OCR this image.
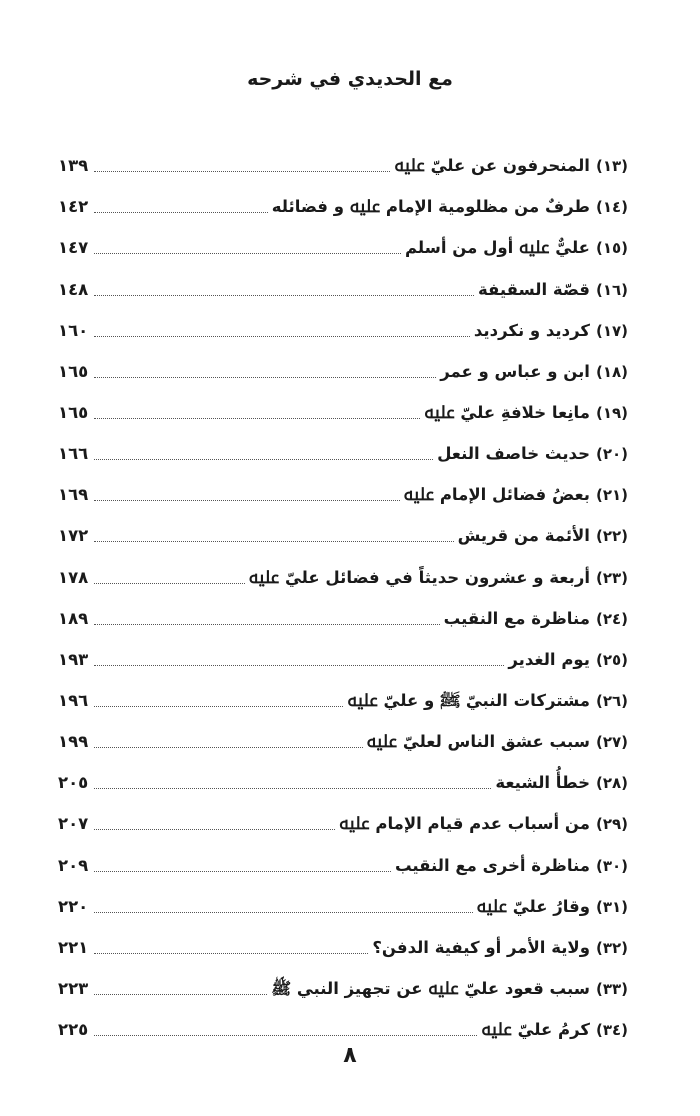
مع الحديدي في شرحه
(١٣)المنحرفون عن عليّ ﷷ
١٣٩
(١٤)طرفٌ من مظلومية الإمام ﷷ و فضائله
١٤٢
(١٥)عليٌّ ﷷ أول من أسلم
١٤٧
(١٦)قصّة السقيفة
١٤٨
(١٧)كرديد و نكرديد
١٦٠
(١٨)ابن و عباس و عمر
١٦٥
(١٩)مانِعا خلافةِ عليّ ﷷ
١٦٥
(٢٠)حديث خاصف النعل
١٦٦
(٢١)بعضُ فضائل الإمام ﷷ
١٦٩
(٢٢)الأئمة من قريش
١٧٢
(٢٣)أربعة و عشرون حديثاً في فضائل عليّ ﷷ
١٧٨
(٢٤)مناظرة مع النقيب
١٨٩
(٢٥)يوم الغدير
١٩٣
(٢٦)مشتركات النبيّ ﷺ و عليّ ﷷ
١٩٦
(٢٧)سبب عشق الناس لعليّ ﷷ
١٩٩
(٢٨)خطأُ الشيعة
٢٠٥
(٢٩)من أسباب عدم قيام الإمام ﷷ
٢٠٧
(٣٠)مناظرة أخرى مع النقيب
٢٠٩
(٣١)وقارُ عليّ ﷷ
٢٢٠
(٣٢)ولاية الأمر أو كيفية الدفن؟
٢٢١
(٣٣)سبب قعود عليّ ﷷ عن تجهيز النبي ﷺ
٢٢٣
(٣٤)كرمُ عليّ ﷷ
٢٢٥
٨
